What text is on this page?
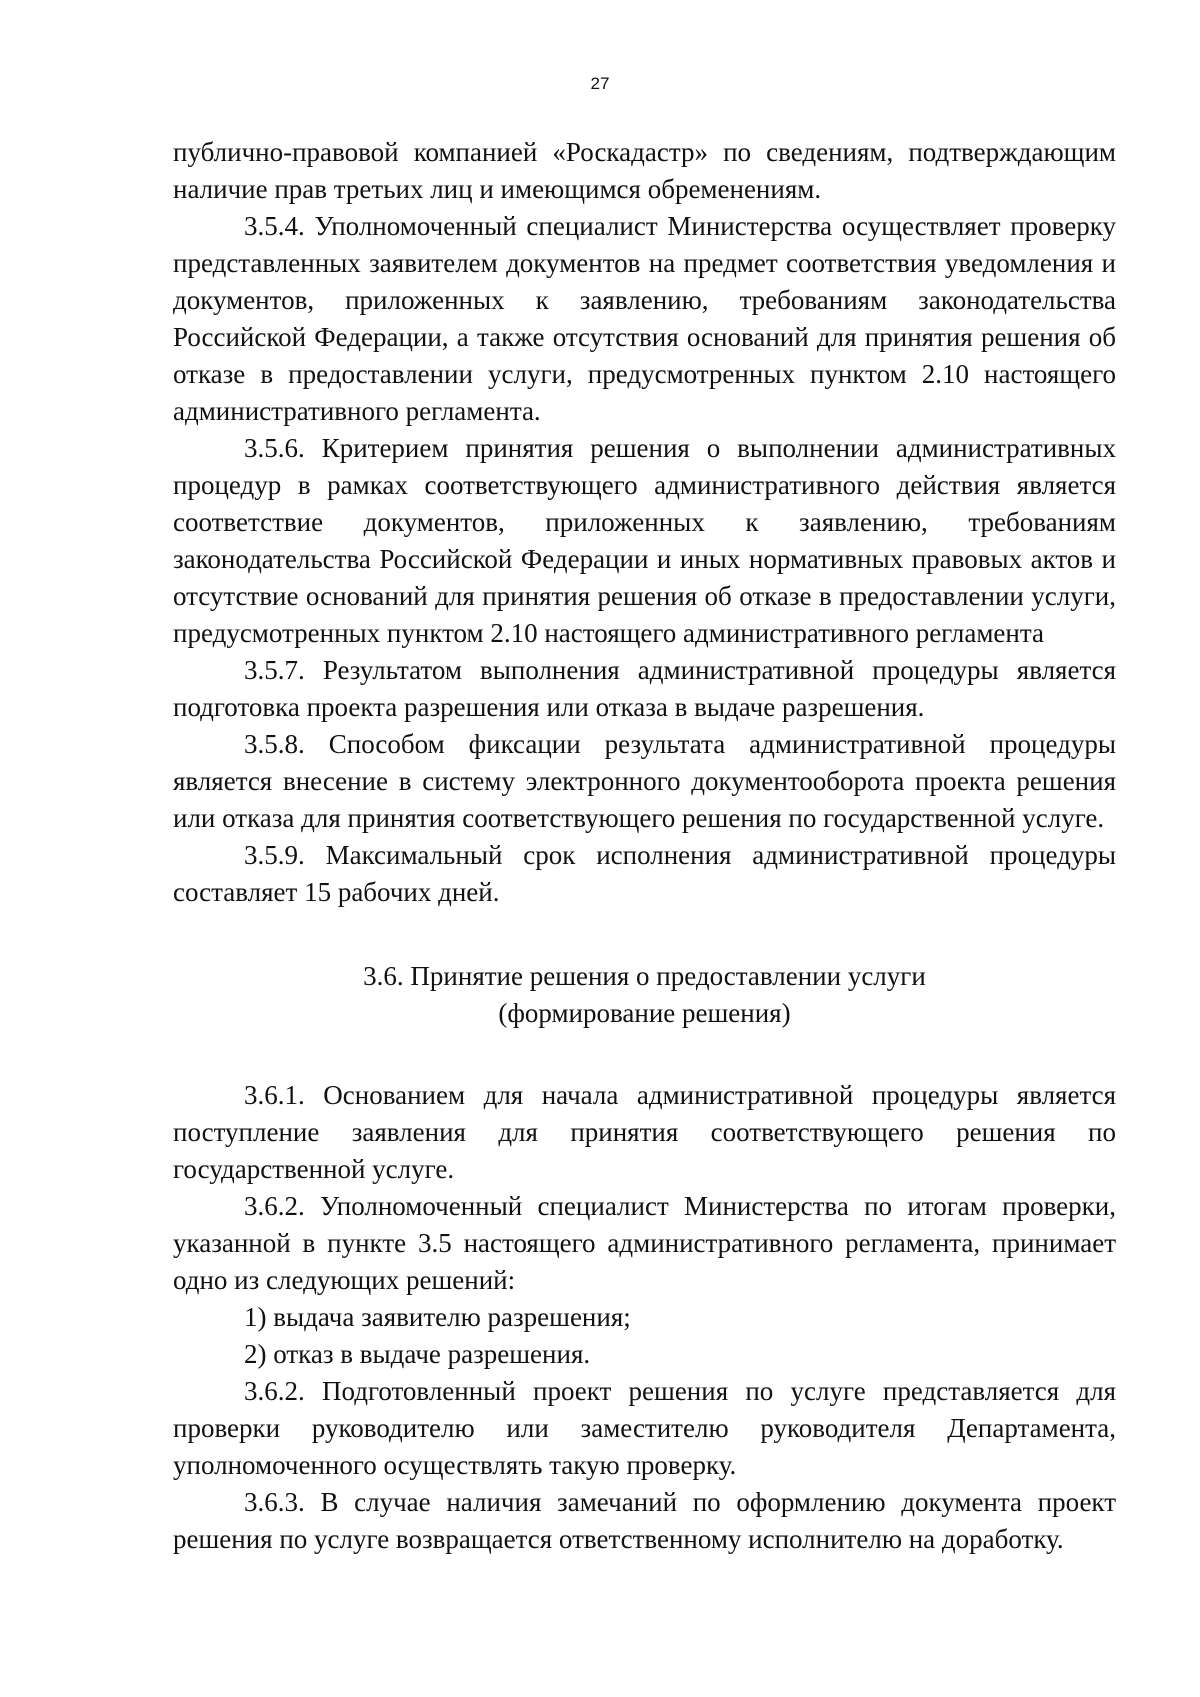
27

публично-правовой компанией «Роскадастр» по сведениям, подтверждающим наличие прав третьих лиц и имеющимся обременениям.

3.5.4. Уполномоченный специалист Министерства осуществляет проверку представленных заявителем документов на предмет соответствия уведомления и документов, приложенных к заявлению, требованиям законодательства Российской Федерации, а также отсутствия оснований для принятия решения об отказе в предоставлении услуги, предусмотренных пунктом 2.10 настоящего административного регламента.

3.5.6. Критерием принятия решения о выполнении административных процедур в рамках соответствующего административного действия является соответствие документов, приложенных к заявлению, требованиям законодательства Российской Федерации и иных нормативных правовых актов и отсутствие оснований для принятия решения об отказе в предоставлении услуги, предусмотренных пунктом 2.10 настоящего административного регламента

3.5.7. Результатом выполнения административной процедуры является подготовка проекта разрешения или отказа в выдаче разрешения.

3.5.8. Способом фиксации результата административной процедуры является внесение в систему электронного документооборота проекта решения или отказа для принятия соответствующего решения по государственной услуге.

3.5.9. Максимальный срок исполнения административной процедуры составляет 15 рабочих дней.

3.6. Принятие решения о предоставлении услуги
(формирование решения)

3.6.1. Основанием для начала административной процедуры является поступление заявления для принятия соответствующего решения по государственной услуге.

3.6.2. Уполномоченный специалист Министерства по итогам проверки, указанной в пункте 3.5 настоящего административного регламента, принимает одно из следующих решений:

1) выдача заявителю разрешения;

2) отказ в выдаче разрешения.

3.6.2. Подготовленный проект решения по услуге представляется для проверки руководителю или заместителю руководителя Департамента, уполномоченного осуществлять такую проверку.

3.6.3. В случае наличия замечаний по оформлению документа проект решения по услуге возвращается ответственному исполнителю на доработку.
